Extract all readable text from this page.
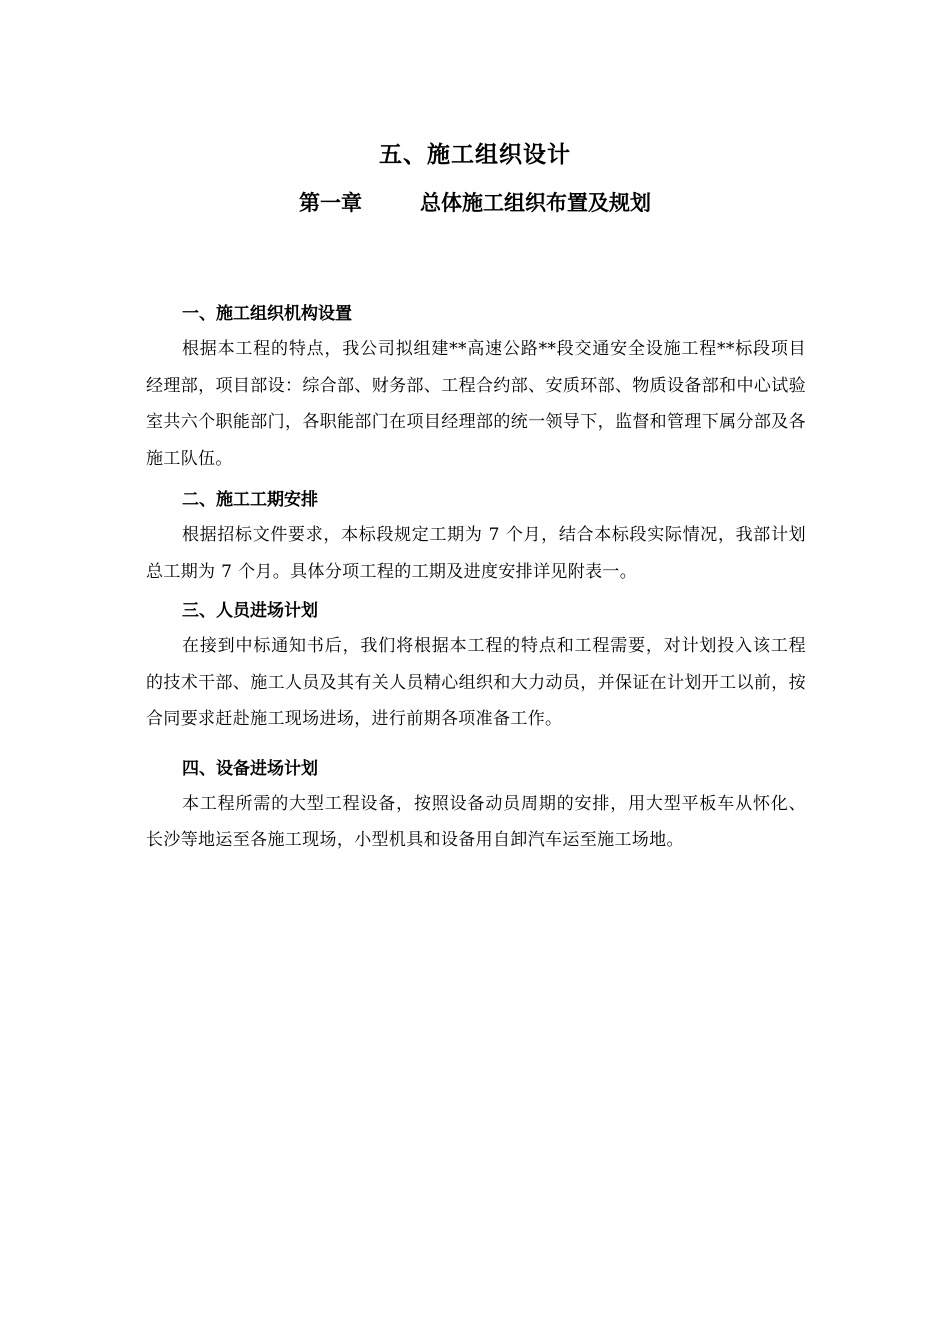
五、施工组织设计
第一章	总体施工组织布置及规划
一、施工组织机构设置

根据本工程的特点，我公司拟组建**高速公路**段交通安全设施工程**标段项目经理部，项目部设：综合部、财务部、工程合约部、安质环部、物质设备部和中心试验室共六个职能部门，各职能部门在项目经理部的统一领导下，监督和管理下属分部及各施工队伍。

二、施工工期安排

根据招标文件要求，本标段规定工期为 7 个月，结合本标段实际情况，我部计划总工期为 7 个月。具体分项工程的工期及进度安排详见附表一。

三、人员进场计划

在接到中标通知书后，我们将根据本工程的特点和工程需要，对计划投入该工程的技术干部、施工人员及其有关人员精心组织和大力动员，并保证在计划开工以前，按合同要求赶赴施工现场进场，进行前期各项准备工作。

四、设备进场计划

本工程所需的大型工程设备，按照设备动员周期的安排，用大型平板车从怀化、长沙等地运至各施工现场，小型机具和设备用自卸汽车运至施工场地。
